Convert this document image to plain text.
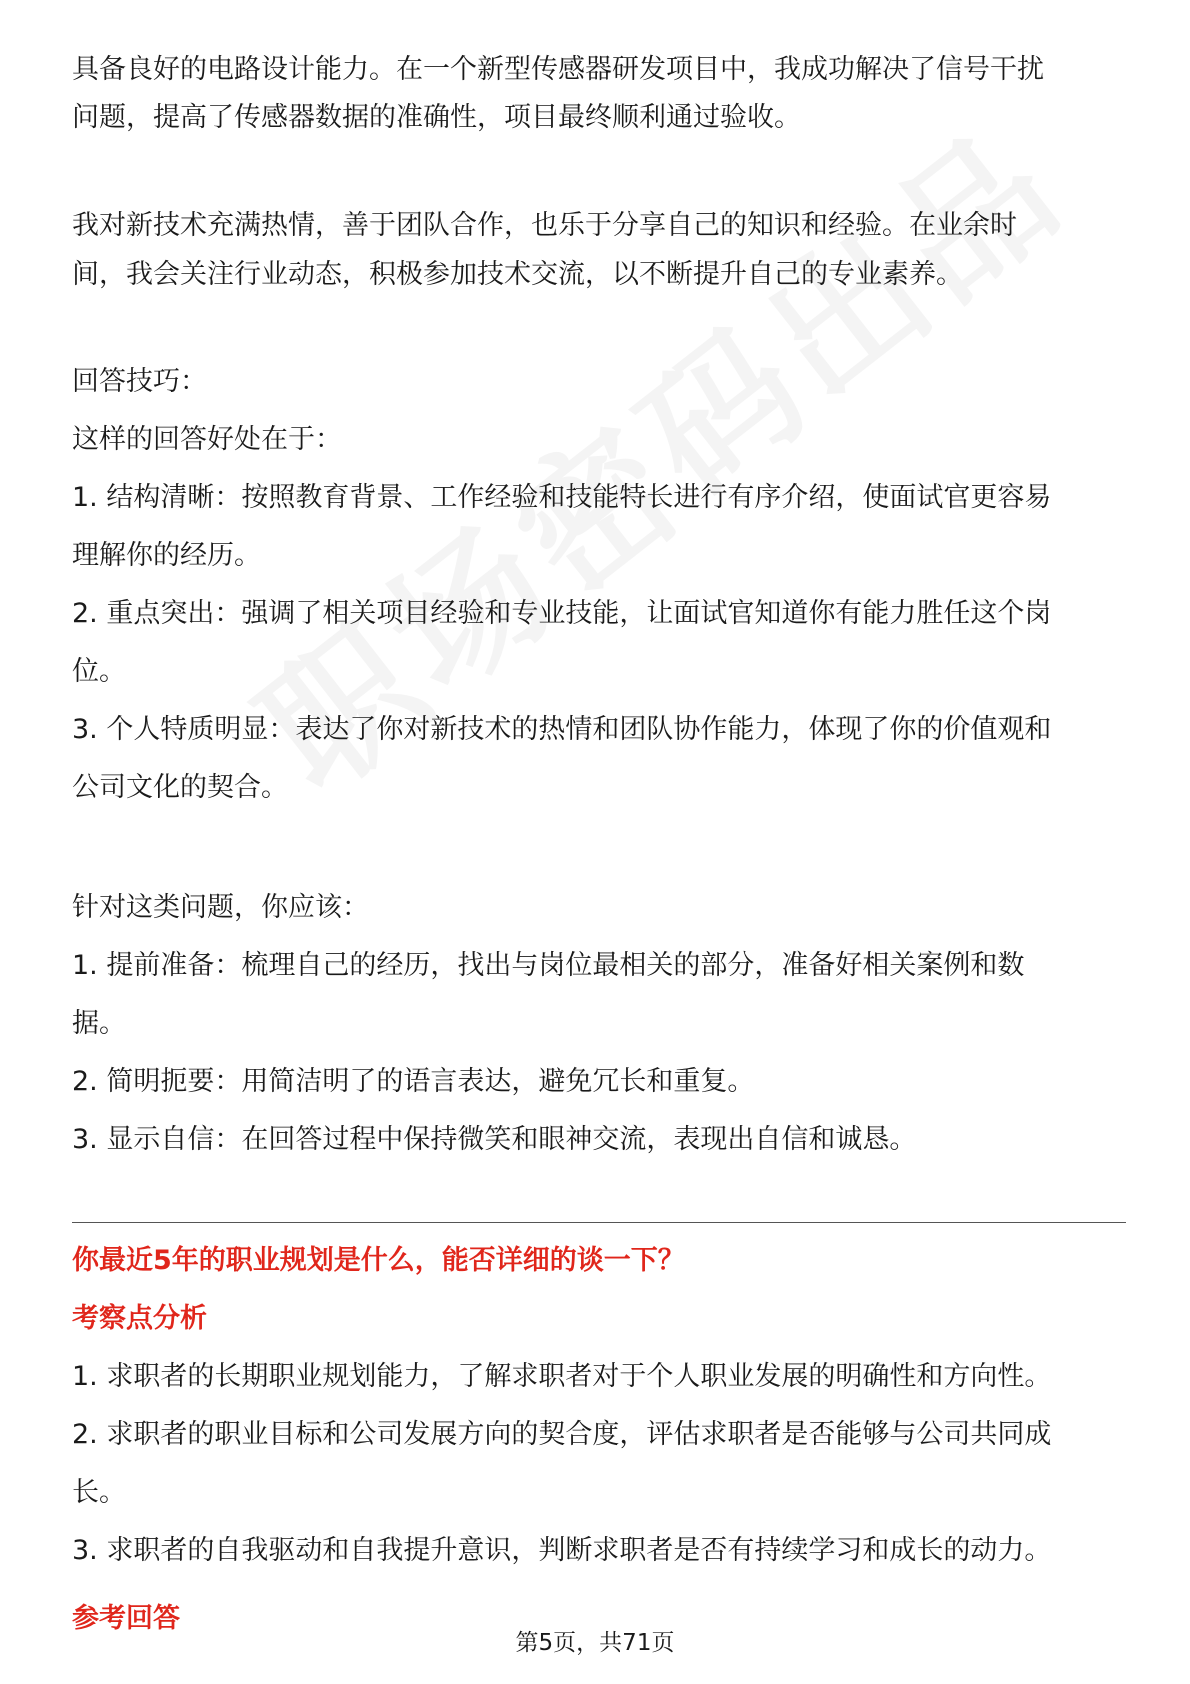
具备良好的电路设计能力。在一个新型传感器研发项目中，我成功解决了信号干扰

问题，提高了传感器数据的准确性，项目最终顺利通过验收。

我对新技术充满热情，善于团队合作，也乐于分享自己的知识和经验。在业余时

间，我会关注行业动态，积极参加技术交流，以不断提升自己的专业素养。

回答技巧：

这样的回答好处在于：

1. 结构清晰：按照教育背景、工作经验和技能特长进行有序介绍，使面试官更容易

理解你的经历。

2. 重点突出：强调了相关项目经验和专业技能，让面试官知道你有能力胜任这个岗

位。

3. 个人特质明显：表达了你对新技术的热情和团队协作能力，体现了你的价值观和

公司文化的契合。

针对这类问题，你应该：

1. 提前准备：梳理自己的经历，找出与岗位最相关的部分，准备好相关案例和数

据。

2. 简明扼要：用简洁明了的语言表达，避免冗长和重复。

3. 显示自信：在回答过程中保持微笑和眼神交流，表现出自信和诚恳。

你最近5年的职业规划是什么，能否详细的谈一下？

考察点分析

1. 求职者的长期职业规划能力，了解求职者对于个人职业发展的明确性和方向性。

2. 求职者的职业目标和公司发展方向的契合度，评估求职者是否能够与公司共同成

长。

3. 求职者的自我驱动和自我提升意识，判断求职者是否有持续学习和成长的动力。

参考回答

第5页，共71页
